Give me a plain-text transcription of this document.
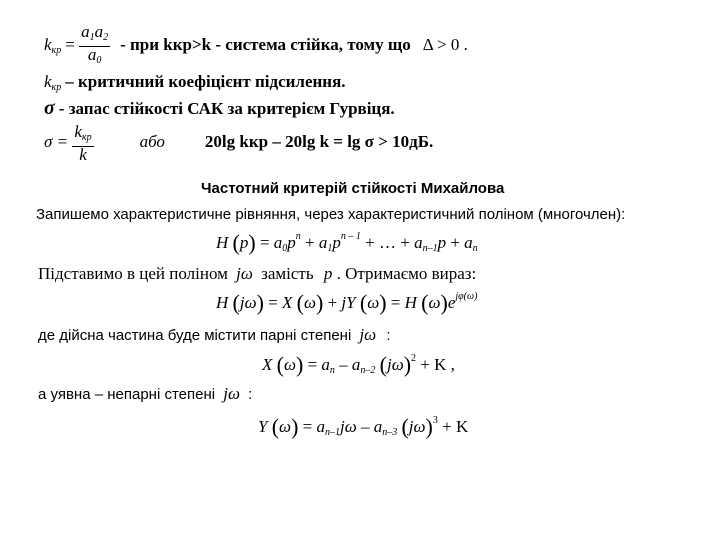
$k_{кр} = \frac{a_1a_2}{a_0}$ - при kкр>k - система стійка, тому що Δ > 0 .
$k_{кр}$ – критичний коефіцієнт підсилення.
σ - запас стійкості САК за критерієм Гурвіця.
$\sigma = \frac{k_{кр}}{k}$	або 20lg kкр – 20lg k = lg σ > 10дБ.
Частотний критерій стійкості Михайлова
Запишемо характеристичне рівняння, через характеристичний поліном (многочлен):
H $(p) = a_0p^n + a_1p^{n - 1}$ + … + $a_{n-1}p + a_n$
Підставимо в цей поліном jω замість p . Отримаємо вираз:
H (jω) = X (ω) + jY (ω) = H $(\omega)e^{j\varphi(\omega)}$
де дійсна частина буде містити парні степені jω :
X $(\omega) = a_n - a_{n-2}$ $(j\omega)^2 + K$ ,
а уявна – непарні степені jω :
Y $(\omega) = a_{n-1}j\omega - a_{n-3}$ $(j\omega)^3 + K$
